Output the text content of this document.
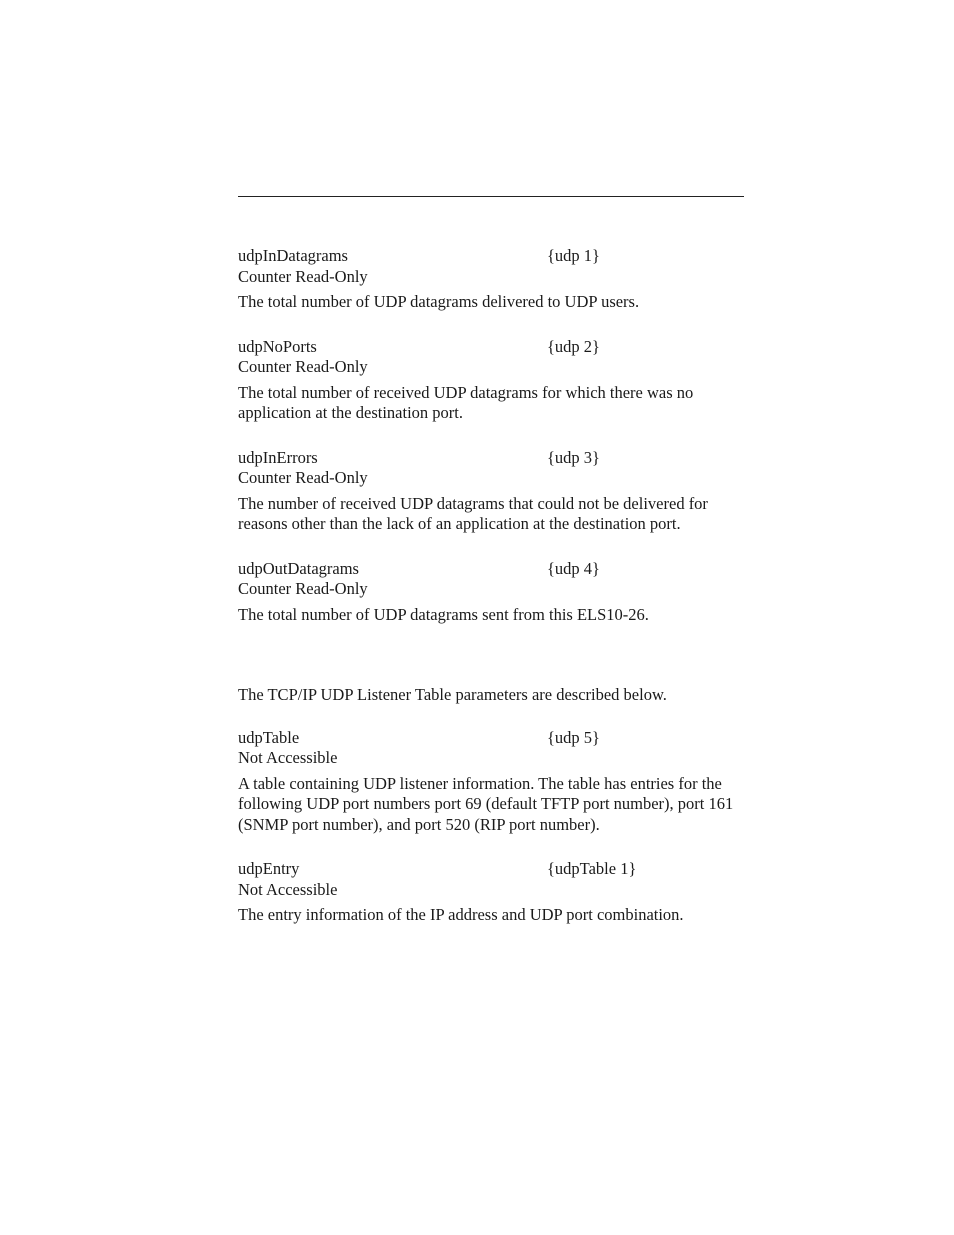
udpInDatagrams	{udp 1}
Counter Read-Only

The total number of UDP datagrams delivered to UDP users.

udpNoPorts	{udp 2}
Counter Read-Only

The total number of received UDP datagrams for which there was no application at the destination port.

udpInErrors	{udp 3}
Counter Read-Only

The number of received UDP datagrams that could not be delivered for reasons other than the lack of an application at the destination port.

udpOutDatagrams	{udp 4}
Counter Read-Only

The total number of UDP datagrams sent from this ELS10-26.

The TCP/IP UDP Listener Table parameters are described below.

udpTable	{udp 5}
Not Accessible

A table containing UDP listener information. The table has entries for the following UDP port numbers port 69 (default TFTP port number), port 161 (SNMP port number), and port 520 (RIP port number).

udpEntry	{udpTable 1}
Not Accessible

The entry information of the IP address and UDP port combination.
